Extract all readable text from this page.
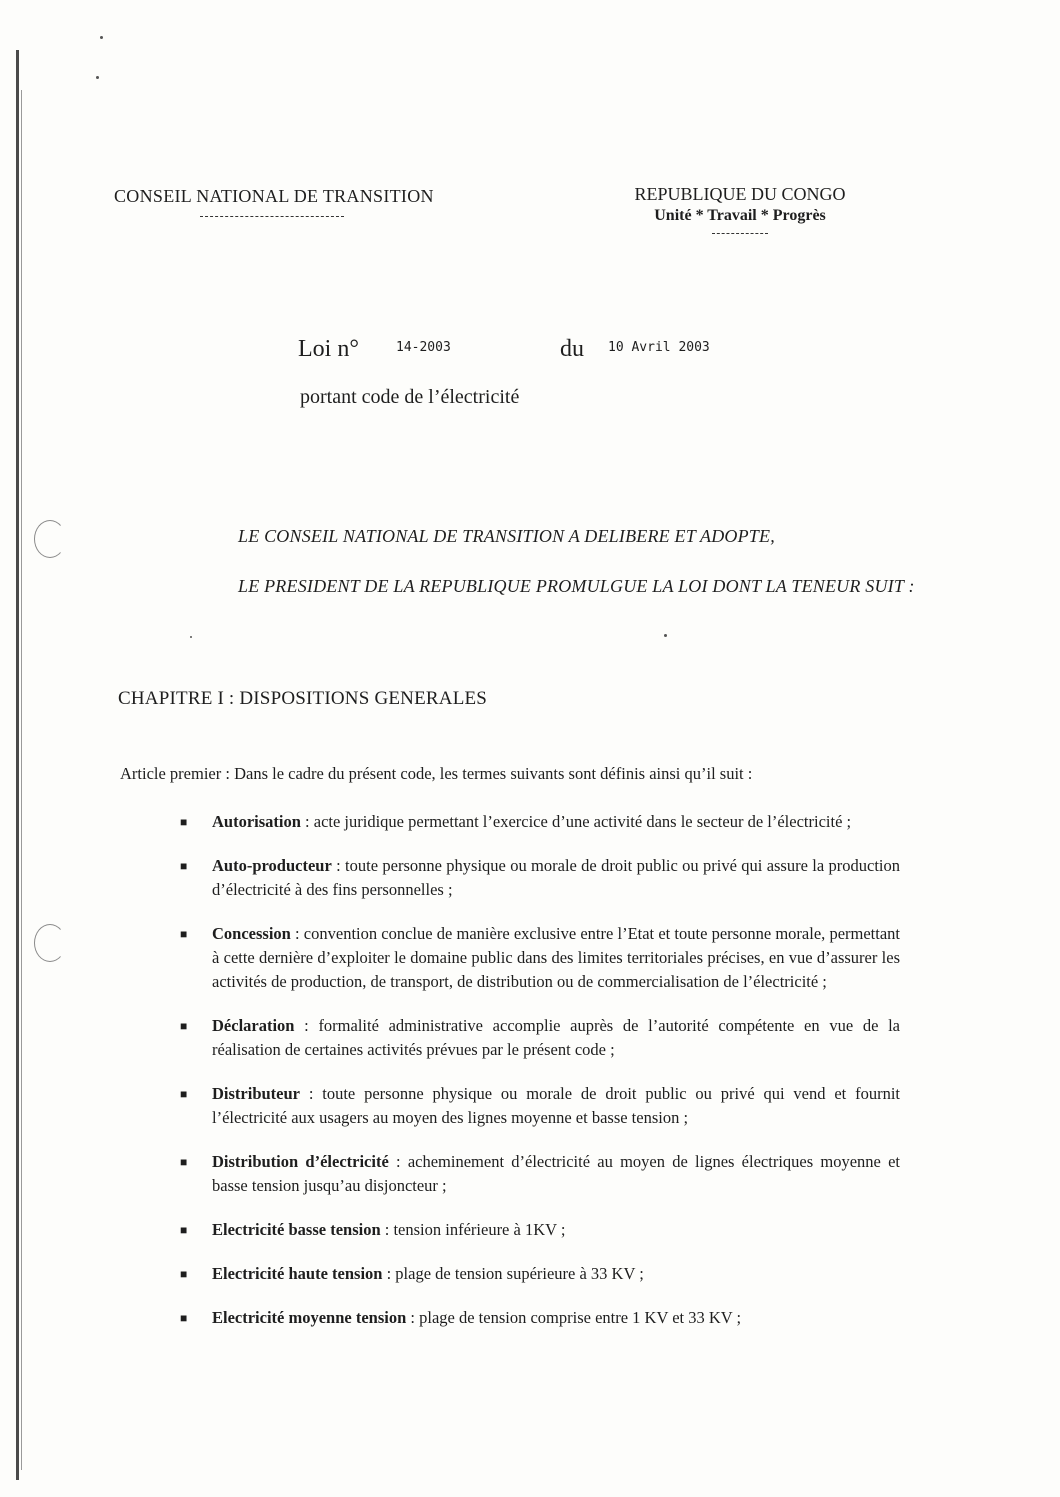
CONSEIL NATIONAL DE TRANSITION	REPUBLIQUE DU CONGO
Unité * Travail * Progrès
Loi n°	14-2003	du 10 Avril 2003
portant code de l’électricité
LE CONSEIL NATIONAL DE TRANSITION A DELIBERE ET ADOPTE,
LE PRESIDENT DE LA REPUBLIQUE PROMULGUE LA LOI DONT LA TENEUR SUIT :
CHAPITRE I : DISPOSITIONS GENERALES
Article premier : Dans le cadre du présent code, les termes suivants sont définis ainsi qu’il suit :
■ Autorisation : acte juridique permettant l’exercice d’une activité dans le secteur de l’électricité ;
■ Auto-producteur : toute personne physique ou morale de droit public ou privé qui assure la production d’électricité à des fins personnelles ;
■ Concession : convention conclue de manière exclusive entre l’Etat et toute personne morale, permettant à cette dernière d’exploiter le domaine public dans des limites territoriales précises, en vue d’assurer les activités de production, de transport, de distribution ou de commercialisation de l’électricité ;
■ Déclaration : formalité administrative accomplie auprès de l’autorité compétente en vue de la réalisation de certaines activités prévues par le présent code ;
■ Distributeur : toute personne physique ou morale de droit public ou privé qui vend et fournit l’électricité aux usagers au moyen des lignes moyenne et basse tension ;
■ Distribution d’électricité : acheminement d’électricité au moyen de lignes électriques moyenne et basse tension jusqu’au disjoncteur ;
■ Electricité basse tension : tension inférieure à 1KV ;
■ Electricité haute tension : plage de tension supérieure à 33 KV ;
■ Electricité moyenne tension : plage de tension comprise entre 1 KV et 33 KV ;
